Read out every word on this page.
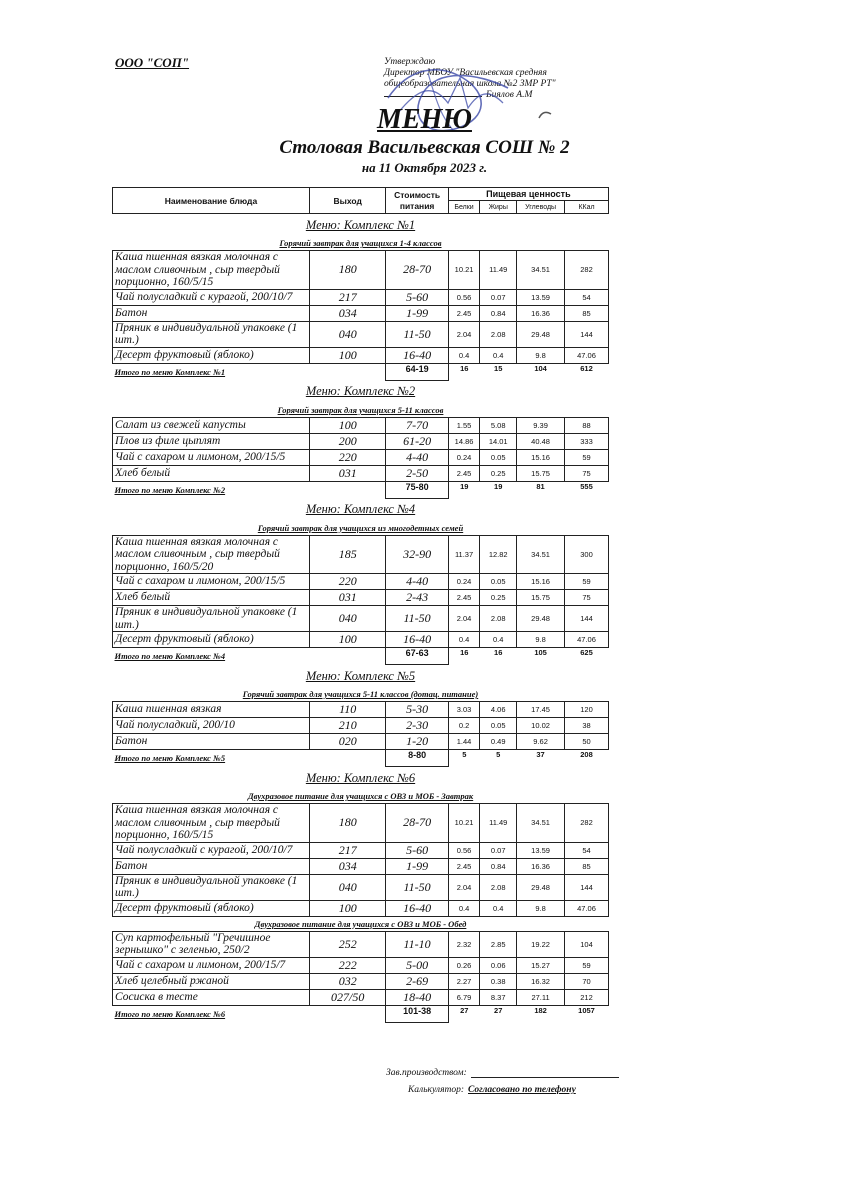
ООО "СОП"	Утверждаю
Директор МБОУ "Васильевская средняя
общеобразовательная школа №2 ЗМР РТ"
Биялов А.М
МЕНЮ
Столовая Васильевская СОШ № 2
на 11 Октября 2023 г.
Наименование блюда	Выход	Стоимость питания	Пищевая ценность			
			Белки	Жиры	Углеводы	ККал
Меню: Комплекс №1						
Горячий завтрак для учащихся 1-4 классов						
Каша пшенная вязкая молочная с маслом сливочным , сыр твердый порционно, 160/5/15	180	28-70	10.21	11.49	34.51	282
Чай полусладкий с курагой, 200/10/7	217	5-60	0.56	0.07	13.59	54
Батон	034	1-99	2.45	0.84	16.36	85
Пряник в индивидуальной упаковке (1 шт.)	040	11-50	2.04	2.08	29.48	144
Десерт фруктовый (яблоко)	100	16-40	0.4	0.4	9.8	47.06
Итого по меню Комплекс №1		64-19	16	15	104	612
Меню: Комплекс №2						
Горячий завтрак для учащихся 5-11 классов						
Салат из свежей капусты	100	7-70	1.55	5.08	9.39	88
Плов из филе цыплят	200	61-20	14.86	14.01	40.48	333
Чай с сахаром и лимоном, 200/15/5	220	4-40	0.24	0.05	15.16	59
Хлеб белый	031	2-50	2.45	0.25	15.75	75
Итого по меню Комплекс №2		75-80	19	19	81	555
Меню: Комплекс №4						
Горячий завтрак для учащихся из многодетных семей						
Каша пшенная вязкая молочная с маслом сливочным , сыр твердый порционно, 160/5/20	185	32-90	11.37	12.82	34.51	300
Чай с сахаром и лимоном, 200/15/5	220	4-40	0.24	0.05	15.16	59
Хлеб белый	031	2-43	2.45	0.25	15.75	75
Пряник в индивидуальной упаковке (1 шт.)	040	11-50	2.04	2.08	29.48	144
Десерт фруктовый (яблоко)	100	16-40	0.4	0.4	9.8	47.06
Итого по меню Комплекс №4		67-63	16	16	105	625
Меню: Комплекс №5						
Горячий завтрак для учащихся 5-11 классов (дотац. питание)						
Каша пшенная вязкая	110	5-30	3.03	4.06	17.45	120
Чай полусладкий, 200/10	210	2-30	0.2	0.05	10.02	38
Батон	020	1-20	1.44	0.49	9.62	50
Итого по меню Комплекс №5		8-80	5	5	37	208
Меню: Комплекс №6						
Двухразовое питание для учащихся с ОВЗ и МОБ - Завтрак						
Каша пшенная вязкая молочная с маслом сливочным , сыр твердый порционно, 160/5/15	180	28-70	10.21	11.49	34.51	282
Чай полусладкий с курагой, 200/10/7	217	5-60	0.56	0.07	13.59	54
Батон	034	1-99	2.45	0.84	16.36	85
Пряник в индивидуальной упаковке (1 шт.)	040	11-50	2.04	2.08	29.48	144
Десерт фруктовый (яблоко)	100	16-40	0.4	0.4	9.8	47.06
Двухразовое питание для учащихся с ОВЗ и МОБ - Обед						
Суп картофельный "Гречишное зернышко" с зеленью, 250/2	252	11-10	2.32	2.85	19.22	104
Чай с сахаром и лимоном, 200/15/7	222	5-00	0.26	0.06	15.27	59
Хлеб целебный ржаной	032	2-69	2.27	0.38	16.32	70
Сосиска в тесте	027/50	18-40	6.79	8.37	27.11	212
Итого по меню Комплекс №6		101-38	27	27	182	1057
Зав.производством:
Калькулятор: Согласовано по телефону
